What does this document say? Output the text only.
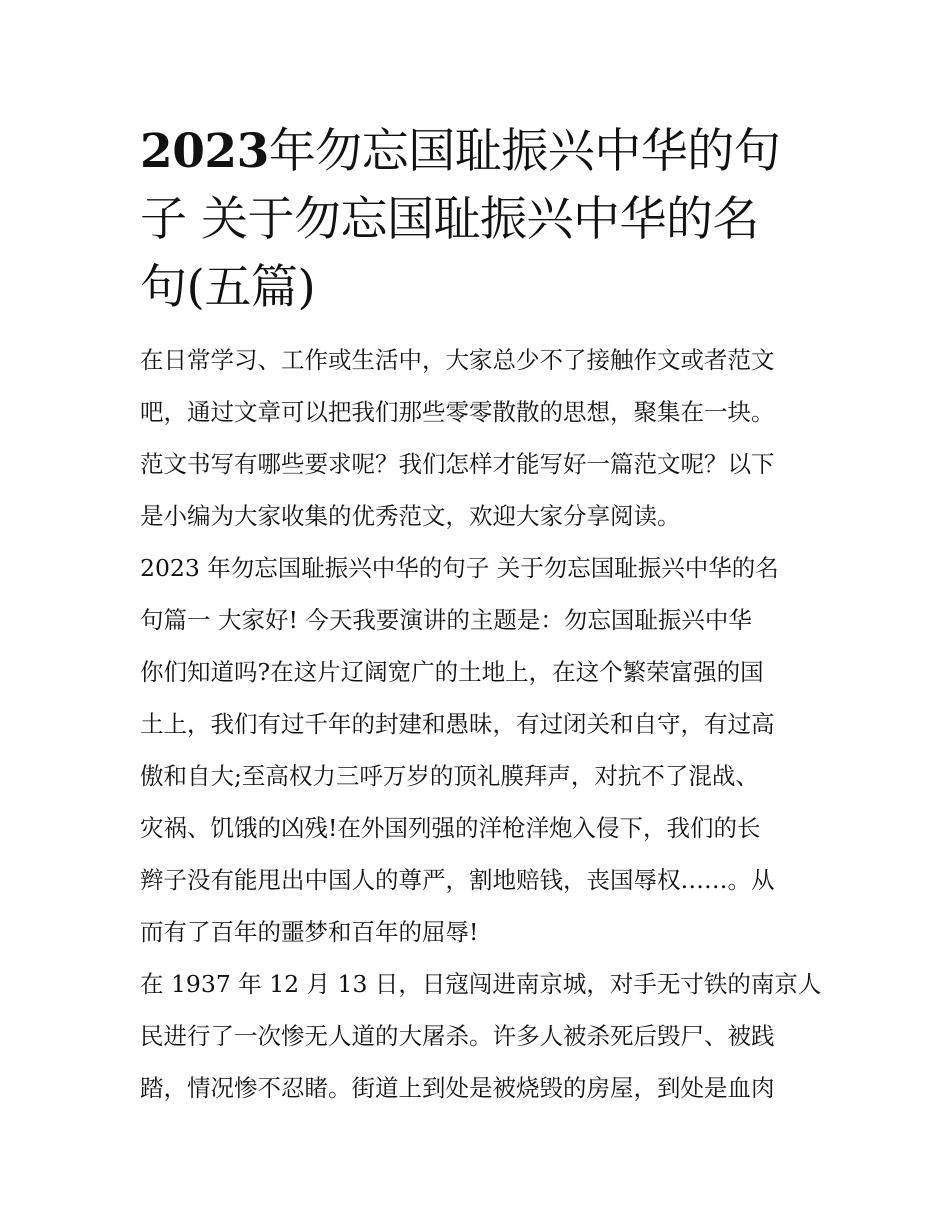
2023年勿忘国耻振兴中华的句
子 关于勿忘国耻振兴中华的名
句(五篇)

在日常学习、工作或生活中，大家总少不了接触作文或者范文
吧，通过文章可以把我们那些零零散散的思想，聚集在一块。
范文书写有哪些要求呢？我们怎样才能写好一篇范文呢？以下
是小编为大家收集的优秀范文，欢迎大家分享阅读。

2023 年勿忘国耻振兴中华的句子 关于勿忘国耻振兴中华的名
句篇一 大家好! 今天我要演讲的主题是：勿忘国耻振兴中华

你们知道吗?在这片辽阔宽广的土地上，在这个繁荣富强的国
土上，我们有过千年的封建和愚昧，有过闭关和自守，有过高
傲和自大;至高权力三呼万岁的顶礼膜拜声，对抗不了混战、
灾祸、饥饿的凶残!在外国列强的洋枪洋炮入侵下，我们的长
辫子没有能甩出中国人的尊严，割地赔钱，丧国辱权……。从
而有了百年的噩梦和百年的屈辱!

在 1937 年 12 月 13 日，日寇闯进南京城，对手无寸铁的南京人
民进行了一次惨无人道的大屠杀。许多人被杀死后毁尸、被践
踏，情况惨不忍睹。街道上到处是被烧毁的房屋，到处是血肉
